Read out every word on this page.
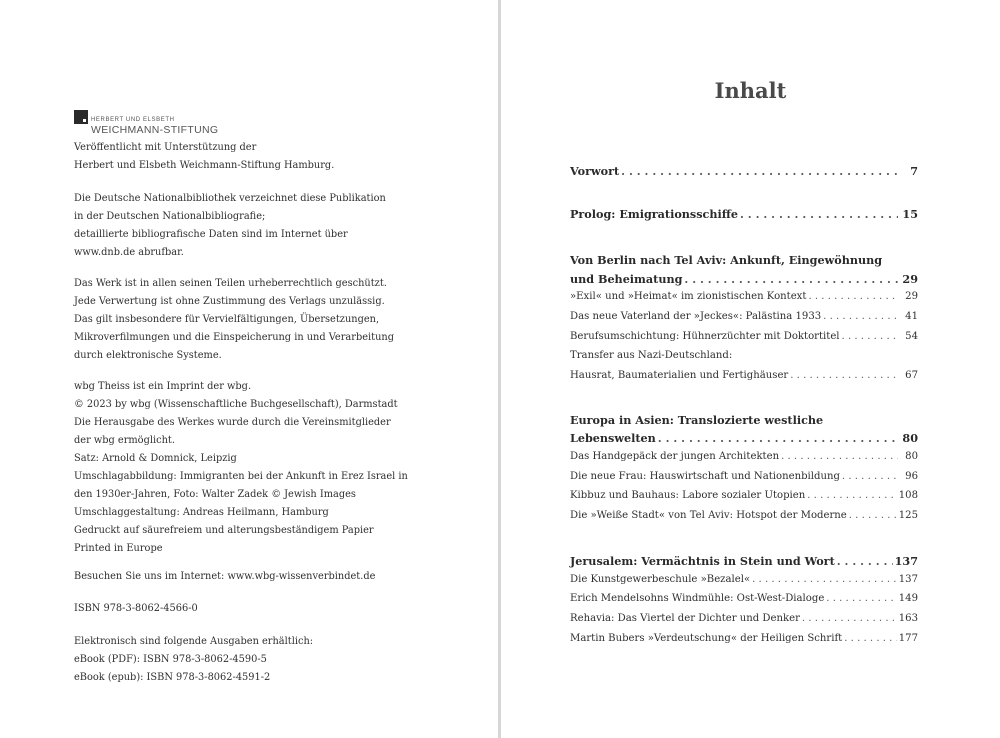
HERBERT UND ELSBETH
WEICHMANN-STIFTUNG

Veröffentlicht mit Unterstützung der
Herbert und Elsbeth Weichmann-Stiftung Hamburg.

Die Deutsche Nationalbibliothek verzeichnet diese Publikation
in der Deutschen Nationalbibliografie;
detaillierte bibliografische Daten sind im Internet über
www.dnb.de abrufbar.

Das Werk ist in allen seinen Teilen urheberrechtlich geschützt.
Jede Verwertung ist ohne Zustimmung des Verlags unzulässig.
Das gilt insbesondere für Vervielfältigungen, Übersetzungen,
Mikroverfilmungen und die Einspeicherung in und Verarbeitung
durch elektronische Systeme.

wbg Theiss ist ein Imprint der wbg.
© 2023 by wbg (Wissenschaftliche Buchgesellschaft), Darmstadt
Die Herausgabe des Werkes wurde durch die Vereinsmitglieder
der wbg ermöglicht.
Satz: Arnold & Domnick, Leipzig
Umschlagabbildung: Immigranten bei der Ankunft in Erez Israel in
den 1930er-Jahren, Foto: Walter Zadek © Jewish Images
Umschlaggestaltung: Andreas Heilmann, Hamburg
Gedruckt auf säurefreiem und alterungsbeständigem Papier
Printed in Europe

Besuchen Sie uns im Internet: www.wbg-wissenverbindet.de

ISBN 978-3-8062-4566-0

Elektronisch sind folgende Ausgaben erhältlich:
eBook (PDF): ISBN 978-3-8062-4590-5
eBook (epub): ISBN 978-3-8062-4591-2

Inhalt
Vorwort . . .	7
Prolog: Emigrationsschiffe . . .	15
Von Berlin nach Tel Aviv: Ankunft, Eingewöhnung
und Beheimatung . . .	29
»Exil« und »Heimat« im zionistischen Kontext . . .	29
Das neue Vaterland der »Jeckes«: Palästina 1933 . . .	41
Berufsumschichtung: Hühnerzüchter mit Doktortitel . . .	54
Transfer aus Nazi-Deutschland:
Hausrat, Baumaterialien und Fertighäuser . . .	67
Europa in Asien: Translozierte westliche
Lebenswelten . . .	80
Das Handgepäck der jungen Architekten . . .	80
Die neue Frau: Hauswirtschaft und Nationenbildung . . .	96
Kibbuz und Bauhaus: Labore sozialer Utopien . . .	108
Die »Weiße Stadt« von Tel Aviv: Hotspot der Moderne . . .	125
Jerusalem: Vermächtnis in Stein und Wort . . .	137
Die Kunstgewerbeschule »Bezalel« . . .	137
Erich Mendelsohns Windmühle: Ost-West-Dialoge . . .	149
Rehavia: Das Viertel der Dichter und Denker . . .	163
Martin Bubers »Verdeutschung« der Heiligen Schrift . . .	177
